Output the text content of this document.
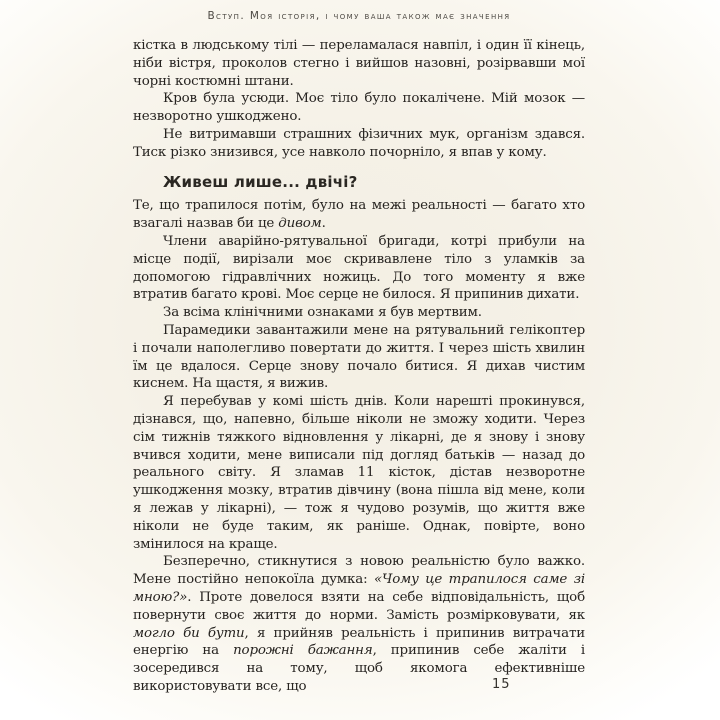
Вступ. Моя історія, і чому ваша також має значення

кістка в людському тілі — переламалася навпіл, і один її кінець, ніби вістря, проколов стегно і вийшов назовні, розірвавши мої чорні костюмні штани.

Кров була усюди. Моє тіло було покалічене. Мій мозок — незворотно ушкоджено.

Не витримавши страшних фізичних мук, організм здався. Тиск різко знизився, усе навколо почорніло, я впав у кому.

Живеш лише... двічі?

Те, що трапилося потім, було на межі реальності — багато хто взагалі назвав би це дивом.

Члени аварійно-рятувальної бригади, котрі прибули на місце події, вирізали моє скривавлене тіло з уламків за допомогою гідравлічних ножиць. До того моменту я вже втратив багато крові. Моє серце не билося. Я припинив дихати.

За всіма клінічними ознаками я був мертвим.

Парамедики завантажили мене на рятувальний гелікоптер і почали наполегливо повертати до життя. І через шість хвилин їм це вдалося. Серце знову почало битися. Я дихав чистим киснем. На щастя, я вижив.

Я перебував у комі шість днів. Коли нарешті прокинувся, дізнався, що, напевно, більше ніколи не зможу ходити. Через сім тижнів тяжкого відновлення у лікарні, де я знову і знову вчився ходити, мене виписали під догляд батьків — назад до реального світу. Я зламав 11 кісток, дістав незворотне ушкодження мозку, втратив дівчину (вона пішла від мене, коли я лежав у лікарні), — тож я чудово розумів, що життя вже ніколи не буде таким, як раніше. Однак, повірте, воно змінилося на краще.

Безперечно, стикнутися з новою реальністю було важко. Мене постійно непокоїла думка: «Чому це трапилося саме зі мною?». Проте довелося взяти на себе відповідальність, щоб повернути своє життя до норми. Замість розмірковувати, як могло би бути, я прийняв реальність і припинив витрачати енергію на порожні бажання, припинив себе жаліти і зосередився на тому, щоб якомога ефективніше використовувати все, що	15
